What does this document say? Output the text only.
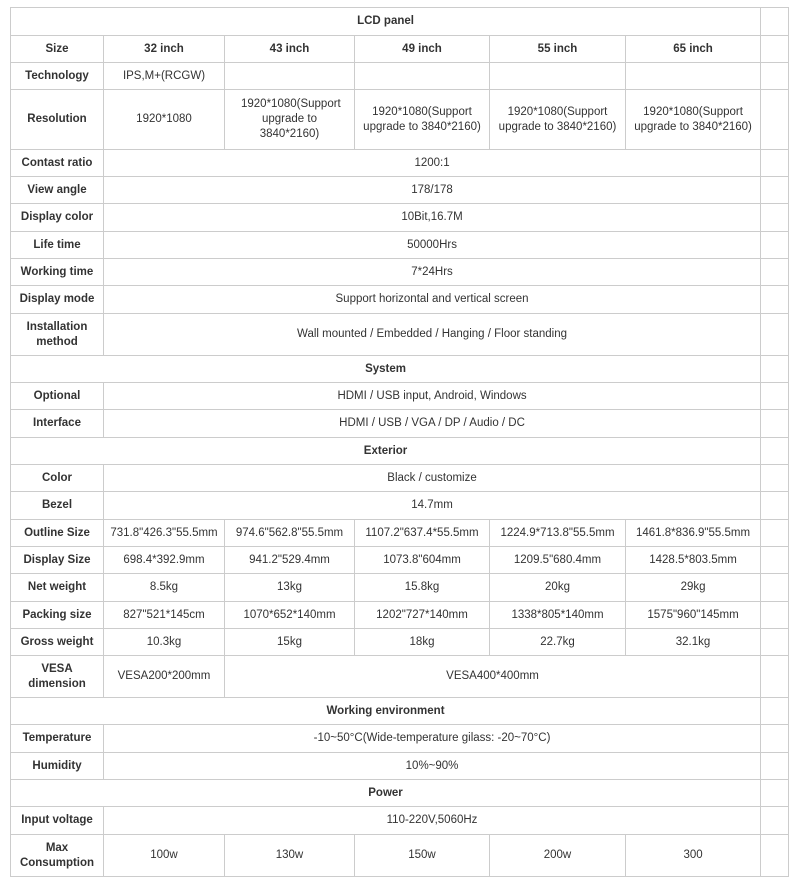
LCD panel						
Size	32 inch	43 inch	49 inch	55 inch	65 inch	
Technology	IPS,M+(RCGW)					
Resolution	1920*1080	1920*1080(Support upgrade to 3840*2160)	1920*1080(Support upgrade to 3840*2160)	1920*1080(Support upgrade to 3840*2160)	1920*1080(Support upgrade to 3840*2160)	
Contast ratio	1200:1					
View angle	178/178					
Display color	10Bit,16.7M					
Life time	50000Hrs					
Working time	7*24Hrs					
Display mode	Support horizontal and vertical screen					
Installation method	Wall mounted / Embedded / Hanging / Floor standing					
System						
Optional	HDMI / USB input, Android, Windows					
Interface	HDMI / USB / VGA / DP / Audio / DC					
Exterior						
Color	Black / customize					
Bezel	14.7mm					
Outline Size	731.8"426.3"55.5mm	974.6"562.8"55.5mm	1107.2"637.4*55.5mm	1224.9*713.8"55.5mm	1461.8*836.9"55.5mm	
Display Size	698.4*392.9mm	941.2"529.4mm	1073.8"604mm	1209.5"680.4mm	1428.5*803.5mm	
Net weight	8.5kg	13kg	15.8kg	20kg	29kg	
Packing size	827"521*145cm	1070*652*140mm	1202"727*140mm	1338*805*140mm	1575"960"145mm	
Gross weight	10.3kg	15kg	18kg	22.7kg	32.1kg	
VESA dimension	VESA200*200mm	VESA400*400mm				
Working environment						
Temperature	-10~50°C(Wide-temperature gilass: -20~70°C)					
Humidity	10%~90%					
Power						
Input voltage	110-220V,5060Hz					
Max Consumption	100w	130w	150w	200w	300	
